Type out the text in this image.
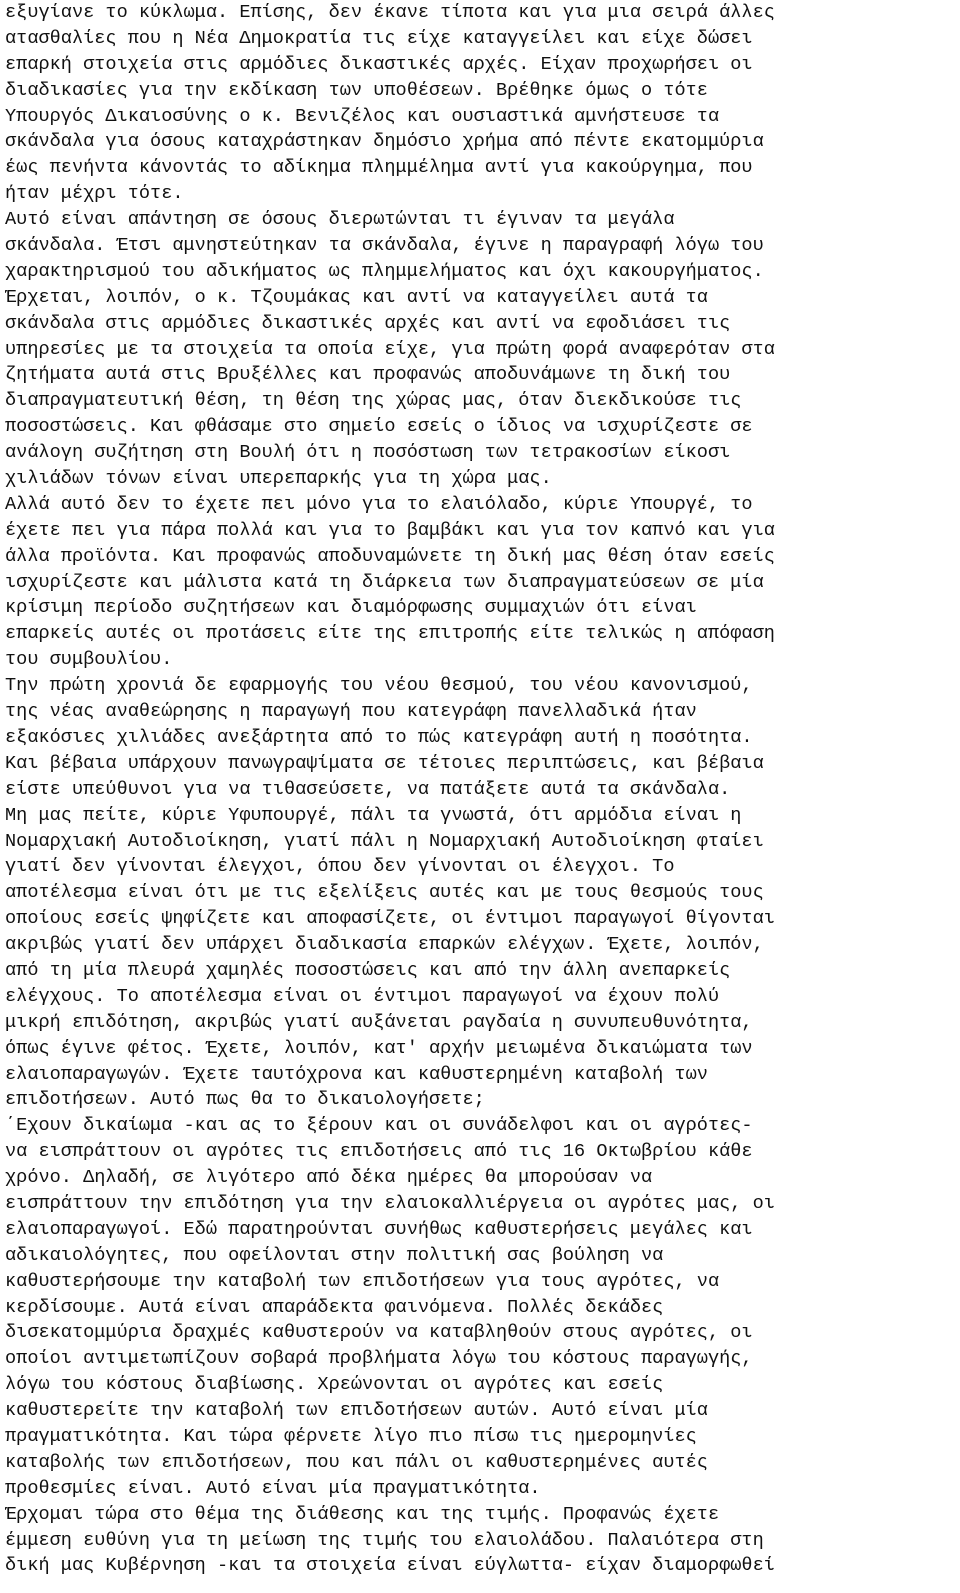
εξυγίανε το κύκλωμα. Επίσης, δεν έκανε τίποτα και για μια σειρά άλλες
ατασθαλίες που η Νέα Δημοκρατία τις είχε καταγγείλει και είχε δώσει
επαρκή στοιχεία στις αρμόδιες δικαστικές αρχές. Είχαν προχωρήσει οι
διαδικασίες για την εκδίκαση των υποθέσεων. Βρέθηκε όμως ο τότε
Υπουργός Δικαιοσύνης ο κ. Βενιζέλος και ουσιαστικά αμνήστευσε τα
σκάνδαλα για όσους καταχράστηκαν δημόσιο χρήμα από πέντε εκατομμύρια
έως πενήντα κάνοντάς το αδίκημα πλημμέλημα αντί για κακούργημα, που
ήταν μέχρι τότε.
Αυτό είναι απάντηση σε όσους διερωτώνται τι έγιναν τα μεγάλα
σκάνδαλα. Έτσι αμνηστεύτηκαν τα σκάνδαλα, έγινε η παραγραφή λόγω του
χαρακτηρισμού του αδικήματος ως πλημμελήματος και όχι κακουργήματος.
Έρχεται, λοιπόν, ο κ. Τζουμάκας και αντί να καταγγείλει αυτά τα
σκάνδαλα στις αρμόδιες δικαστικές αρχές και αντί να εφοδιάσει τις
υπηρεσίες με τα στοιχεία τα οποία είχε, για πρώτη φορά αναφερόταν στα
ζητήματα αυτά στις Βρυξέλλες και προφανώς αποδυνάμωνε τη δική του
διαπραγματευτική θέση, τη θέση της χώρας μας, όταν διεκδικούσε τις
ποσοστώσεις. Και φθάσαμε στο σημείο εσείς ο ίδιος να ισχυρίζεστε σε
ανάλογη συζήτηση στη Βουλή ότι η ποσόστωση των τετρακοσίων είκοσι
χιλιάδων τόνων είναι υπερεπαρκής για τη χώρα μας.
Αλλά αυτό δεν το έχετε πει μόνο για το ελαιόλαδο, κύριε Υπουργέ, το
έχετε πει για πάρα πολλά και για το βαμβάκι και για τον καπνό και για
άλλα προϊόντα. Και προφανώς αποδυναμώνετε τη δική μας θέση όταν εσείς
ισχυρίζεστε και μάλιστα κατά τη διάρκεια των διαπραγματεύσεων σε μία
κρίσιμη περίοδο συζητήσεων και διαμόρφωσης συμμαχιών ότι είναι
επαρκείς αυτές οι προτάσεις είτε της επιτροπής είτε τελικώς η απόφαση
του συμβουλίου.
Την πρώτη χρονιά δε εφαρμογής του νέου θεσμού, του νέου κανονισμού,
της νέας αναθεώρησης η παραγωγή που κατεγράφη πανελλαδικά ήταν
εξακόσιες χιλιάδες ανεξάρτητα από το πώς κατεγράφη αυτή η ποσότητα.
Και βέβαια υπάρχουν πανωγραψίματα σε τέτοιες περιπτώσεις, και βέβαια
είστε υπεύθυνοι για να τιθασεύσετε, να πατάξετε αυτά τα σκάνδαλα.
Μη μας πείτε, κύριε Υφυπουργέ, πάλι τα γνωστά, ότι αρμόδια είναι η
Νομαρχιακή Αυτοδιοίκηση, γιατί πάλι η Νομαρχιακή Αυτοδιοίκηση φταίει
γιατί δεν γίνονται έλεγχοι, όπου δεν γίνονται οι έλεγχοι. Το
αποτέλεσμα είναι ότι με τις εξελίξεις αυτές και με τους θεσμούς τους
οποίους εσείς ψηφίζετε και αποφασίζετε, οι έντιμοι παραγωγοί θίγονται
ακριβώς γιατί δεν υπάρχει διαδικασία επαρκών ελέγχων. Έχετε, λοιπόν,
από τη μία πλευρά χαμηλές ποσοστώσεις και από την άλλη ανεπαρκείς
ελέγχους. Το αποτέλεσμα είναι οι έντιμοι παραγωγοί να έχουν πολύ
μικρή επιδότηση, ακριβώς γιατί αυξάνεται ραγδαία η συνυπευθυνότητα,
όπως έγινε φέτος. Έχετε, λοιπόν, κατ' αρχήν μειωμένα δικαιώματα των
ελαιοπαραγωγών. Έχετε ταυτόχρονα και καθυστερημένη καταβολή των
επιδοτήσεων. Αυτό πως θα το δικαιολογήσετε;
΄Εχουν δικαίωμα -και ας το ξέρουν και οι συνάδελφοι και οι αγρότες-
να εισπράττουν οι αγρότες τις επιδοτήσεις από τις 16 Οκτωβρίου κάθε
χρόνο. Δηλαδή, σε λιγότερο από δέκα ημέρες θα μπορούσαν να
εισπράττουν την επιδότηση για την ελαιοκαλλιέργεια οι αγρότες μας, οι
ελαιοπαραγωγοί. Εδώ παρατηρούνται συνήθως καθυστερήσεις μεγάλες και
αδικαιολόγητες, που οφείλονται στην πολιτική σας βούληση να
καθυστερήσουμε την καταβολή των επιδοτήσεων για τους αγρότες, να
κερδίσουμε. Αυτά είναι απαράδεκτα φαινόμενα. Πολλές δεκάδες
δισεκατομμύρια δραχμές καθυστερούν να καταβληθούν στους αγρότες, οι
οποίοι αντιμετωπίζουν σοβαρά προβλήματα λόγω του κόστους παραγωγής,
λόγω του κόστους διαβίωσης. Χρεώνονται οι αγρότες και εσείς
καθυστερείτε την καταβολή των επιδοτήσεων αυτών. Αυτό είναι μία
πραγματικότητα. Και τώρα φέρνετε λίγο πιο πίσω τις ημερομηνίες
καταβολής των επιδοτήσεων, που και πάλι οι καθυστερημένες αυτές
προθεσμίες είναι. Αυτό είναι μία πραγματικότητα.
Έρχομαι τώρα στο θέμα της διάθεσης και της τιμής. Προφανώς έχετε
έμμεση ευθύνη για τη μείωση της τιμής του ελαιολάδου. Παλαιότερα στη
δική μας Κυβέρνηση -και τα στοιχεία είναι εύγλωττα- είχαν διαμορφωθεί
